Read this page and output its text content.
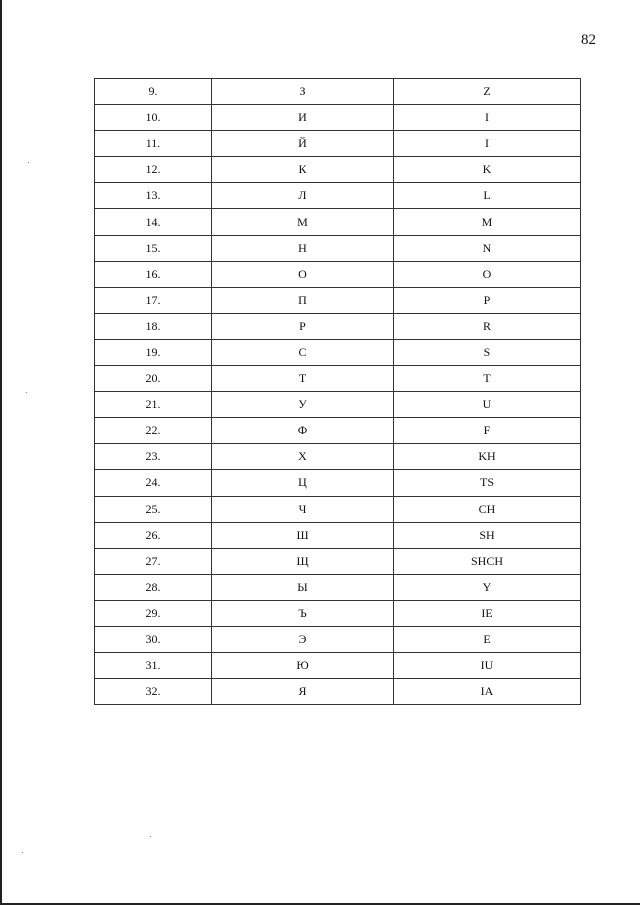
82
9.	З	Z
10.	И	I
11.	Й	I
12.	К	K
13.	Л	L
14.	М	M
15.	Н	N
16.	О	O
17.	П	P
18.	Р	R
19.	С	S
20.	Т	T
21.	У	U
22.	Ф	F
23.	Х	KH
24.	Ц	TS
25.	Ч	CH
26.	Ш	SH
27.	Щ	SHCH
28.	Ы	Y
29.	Ъ	IE
30.	Э	E
31.	Ю	IU
32.	Я	IA
